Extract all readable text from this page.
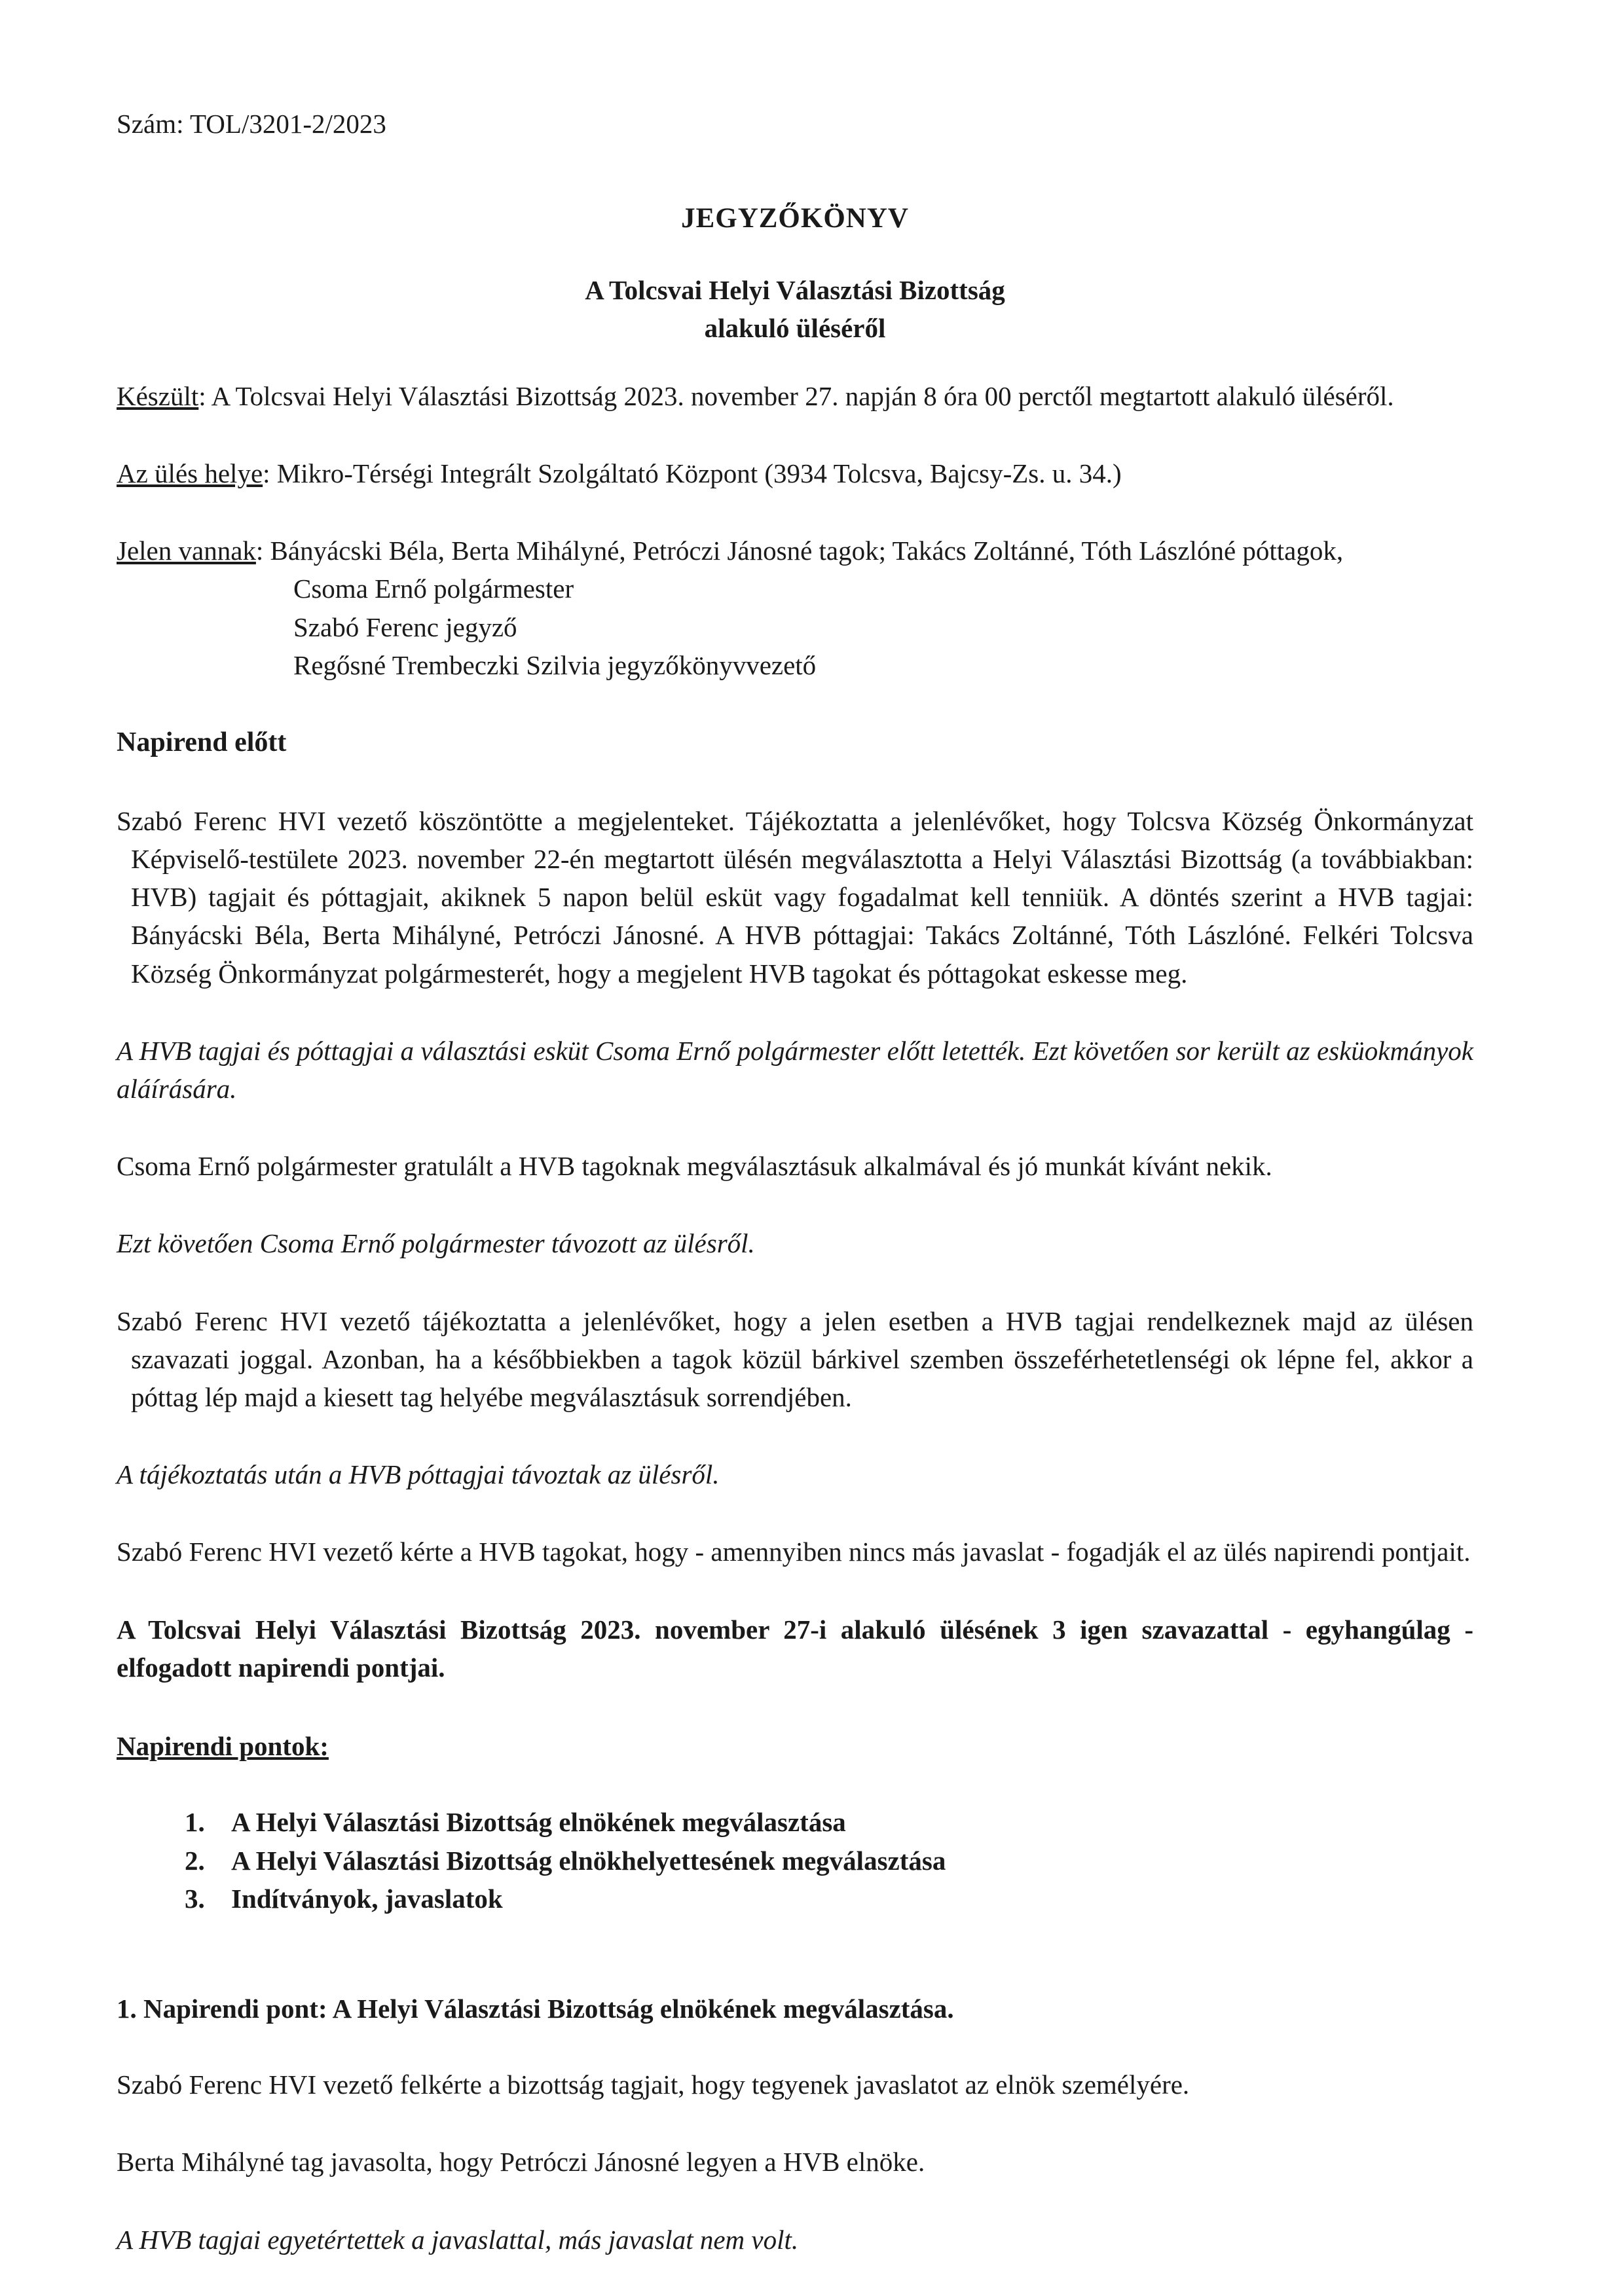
Szám: TOL/3201-2/2023

JEGYZŐKÖNYV

A Tolcsvai Helyi Választási Bizottság

alakuló üléséről

Készült: A Tolcsvai Helyi Választási Bizottság 2023. november 27. napján 8 óra 00 perctől megtartott alakuló üléséről.

Az ülés helye: Mikro-Térségi Integrált Szolgáltató Központ (3934 Tolcsva, Bajcsy-Zs. u. 34.)

Jelen vannak: Bányácski Béla, Berta Mihályné, Petróczi Jánosné tagok; Takács Zoltánné, Tóth Lászlóné póttagok,

Csoma Ernő polgármester

Szabó Ferenc jegyző

Regősné Trembeczki Szilvia jegyzőkönyvvezető

Napirend előtt

Szabó Ferenc HVI vezető köszöntötte a megjelenteket. Tájékoztatta a jelenlévőket, hogy Tolcsva Község Önkormányzat Képviselő-testülete 2023. november 22-én megtartott ülésén megválasztotta a Helyi Választási Bizottság (a továbbiakban: HVB) tagjait és póttagjait, akiknek 5 napon belül esküt vagy fogadalmat kell tenniük. A döntés szerint a HVB tagjai: Bányácski Béla, Berta Mihályné, Petróczi Jánosné. A HVB póttagjai: Takács Zoltánné, Tóth Lászlóné. Felkéri Tolcsva Község Önkormányzat polgármesterét, hogy a megjelent HVB tagokat és póttagokat eskesse meg.

A HVB tagjai és póttagjai a választási esküt Csoma Ernő polgármester előtt letették. Ezt követően sor került az esküokmányok aláírására.

Csoma Ernő polgármester gratulált a HVB tagoknak megválasztásuk alkalmával és jó munkát kívánt nekik.

Ezt követően Csoma Ernő polgármester távozott az ülésről.

Szabó Ferenc HVI vezető tájékoztatta a jelenlévőket, hogy a jelen esetben a HVB tagjai rendelkeznek majd az ülésen szavazati joggal. Azonban, ha a későbbiekben a tagok közül bárkivel szemben összeférhetetlenségi ok lépne fel, akkor a póttag lép majd a kiesett tag helyébe megválasztásuk sorrendjében.

A tájékoztatás után a HVB póttagjai távoztak az ülésről.

Szabó Ferenc HVI vezető kérte a HVB tagokat, hogy - amennyiben nincs más javaslat - fogadják el az ülés napirendi pontjait.

A Tolcsvai Helyi Választási Bizottság 2023. november 27-i alakuló ülésének 3 igen szavazattal - egyhangúlag - elfogadott napirendi pontjai.

Napirendi pontok:

1. A Helyi Választási Bizottság elnökének megválasztása
2. A Helyi Választási Bizottság elnökhelyettesének megválasztása
3. Indítványok, javaslatok

1. Napirendi pont: A Helyi Választási Bizottság elnökének megválasztása.

Szabó Ferenc HVI vezető felkérte a bizottság tagjait, hogy tegyenek javaslatot az elnök személyére.

Berta Mihályné tag javasolta, hogy Petróczi Jánosné legyen a HVB elnöke.

A HVB tagjai egyetértettek a javaslattal, más javaslat nem volt.
